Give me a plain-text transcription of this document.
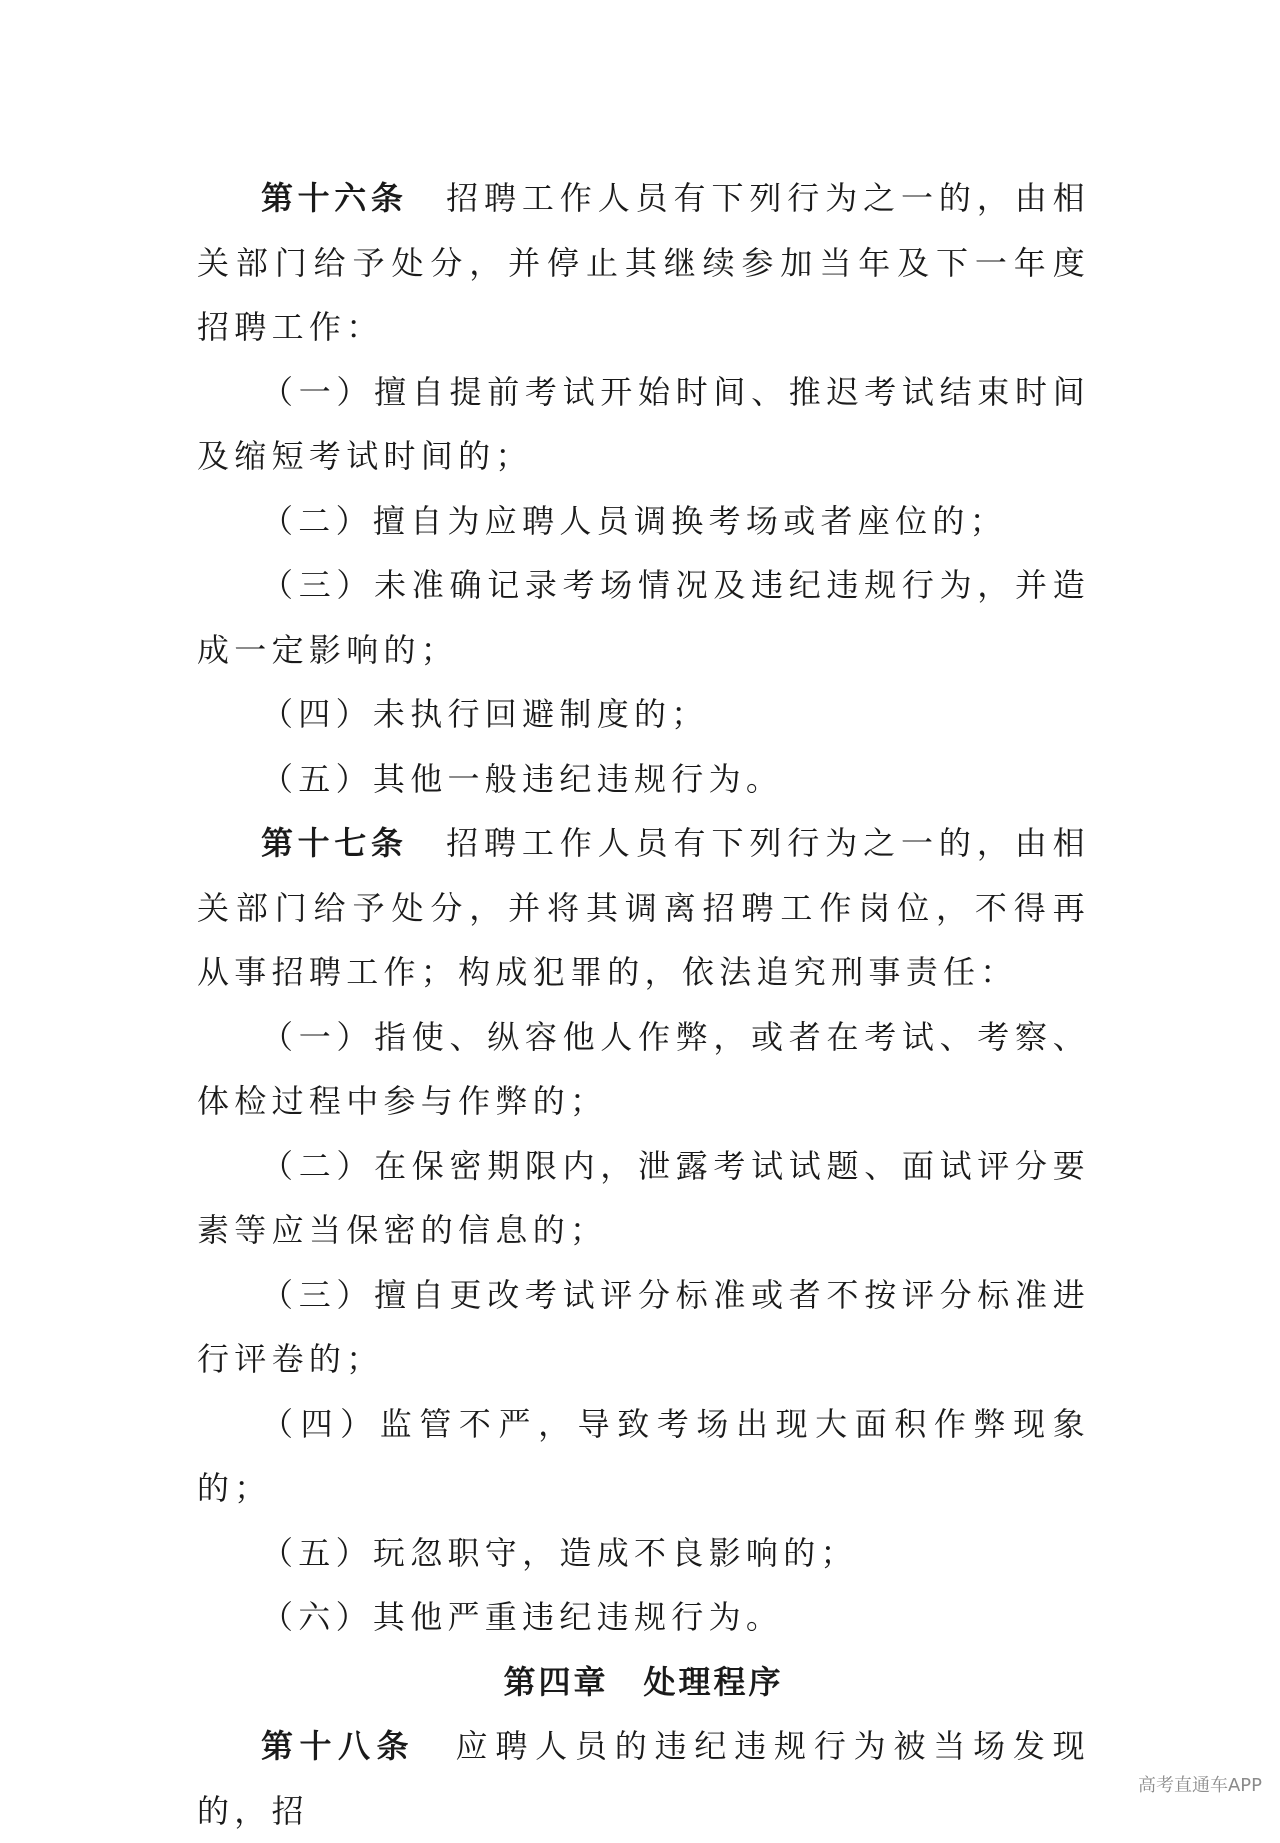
第十六条 招聘工作人员有下列行为之一的，由相关部门给予处分，并停止其继续参加当年及下一年度招聘工作：

（一）擅自提前考试开始时间、推迟考试结束时间及缩短考试时间的；

（二）擅自为应聘人员调换考场或者座位的；

（三）未准确记录考场情况及违纪违规行为，并造成一定影响的；

（四）未执行回避制度的；

（五）其他一般违纪违规行为。

第十七条 招聘工作人员有下列行为之一的，由相关部门给予处分，并将其调离招聘工作岗位，不得再从事招聘工作；构成犯罪的，依法追究刑事责任：

（一）指使、纵容他人作弊，或者在考试、考察、体检过程中参与作弊的；

（二）在保密期限内，泄露考试试题、面试评分要素等应当保密的信息的；

（三）擅自更改考试评分标准或者不按评分标准进行评卷的；

（四）监管不严，导致考场出现大面积作弊现象的；

（五）玩忽职守，造成不良影响的；

（六）其他严重违纪违规行为。

第四章　处理程序

第十八条 应聘人员的违纪违规行为被当场发现的，招

高考直通车APP
